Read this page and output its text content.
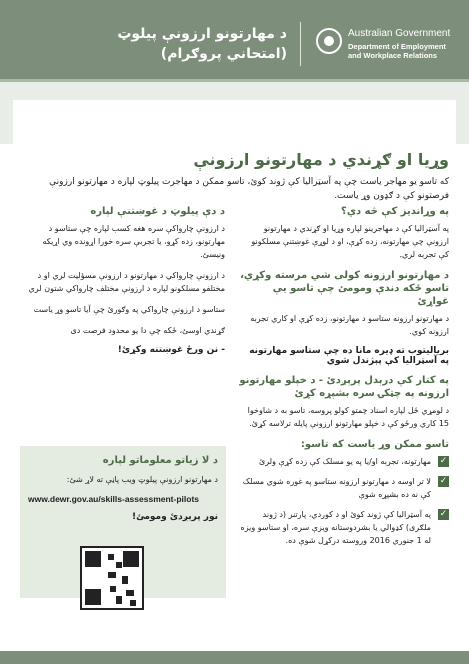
Australian Government
Department of Employment
and Workplace Relations
د مهارتونو ارزونې پيلوټ
(امتحاني پروګرام)
وړيا او ګړندي د مهارتونو ارزونې
که تاسو يو مهاجر ياست چې په آسټراليا کې ژوند کوئ، تاسو ممکن د مهاجرت پيلوټ لپاره د مهارتونو ارزونې فرصتونو کې د ګډون وړ ياست.
په وړانديز کې څه دي؟
په آسټراليا کې د مهاجرينو لپاره وړيا او ګړندي د مهارتونو ارزونې چې مهارتونه، زده کړې، او د لوړې غوښتنې مسلکونو کې تجربه لري.
د مهارتونو ارزونه کولی شي مرسته وکړي، تاسو ځکه دندې ومومئ چې تاسو يې غواړئ
د مهارتونو ارزونه ستاسو د مهارتونو، زده کړې او کاري تجربه ارزونه کوي.
برياليتوب ته ډيره مانا ده چې ستاسو مهارتونه په آسټراليا کې پېژندل شوي
په کتار کې درېدل پرېږدئ - د خپلو مهارتونو ارزونه په چټکۍ سره بشپړه کړئ
د لومړي ځل لپاره اسناد چمتو کولو پروسه، تاسو به د شاوخوا 15 کاري ورځو کې د خپلو مهارتونو ارزونې پايله ترلاسه کړئ.
تاسو ممکن وړ ياست که تاسو:
✓
مهارتونه، تجربه او/يا په يو مسلک کې زده کړې ولرئ
✓
لا تر اوسه د مهارتونو ارزونه ستاسو په غوره شوي مسلک کې نه ده بشپړه شوې
✓
په آسټراليا کې ژوند کوئ او د کوردي، پارتنر (د ژوند ملګری) کډوالي يا بشردوستانه ويزې سره، او ستاسو ويزه له 1 جنوري 2016 وروسته درکړل شوې ده.
د دې پيلوټ د غوښتنې لپاره
د ارزونې چارواکې سره هغه کسب لپاره چې ستاسو د مهارتونو، زده کړو، يا تجربې سره خورا اړونده وي اړيکه ونيسئ.
د ارزونې چارواکي د مهارتونو د ارزونې مسؤليت لري او د مختلفو مسلکونو لپاره د ارزونې مختلف چارواکي شتون لري
ستاسو د ارزونې چارواکي په وګورئ چې آيا تاسو وړ ياست
ګړندي اوسئ، ځکه چې دا يو محدود فرصت دی
- نن ورځ غوښتنه وکړئ!
د لا زياتو معلوماتو لپاره
د مهارتونو ارزونې پيلوټ ويب پاڼې ته لاړ شئ:
www.dewr.gov.au/skills-assessment-pilots
نور پرېږدئ ومومئ!
